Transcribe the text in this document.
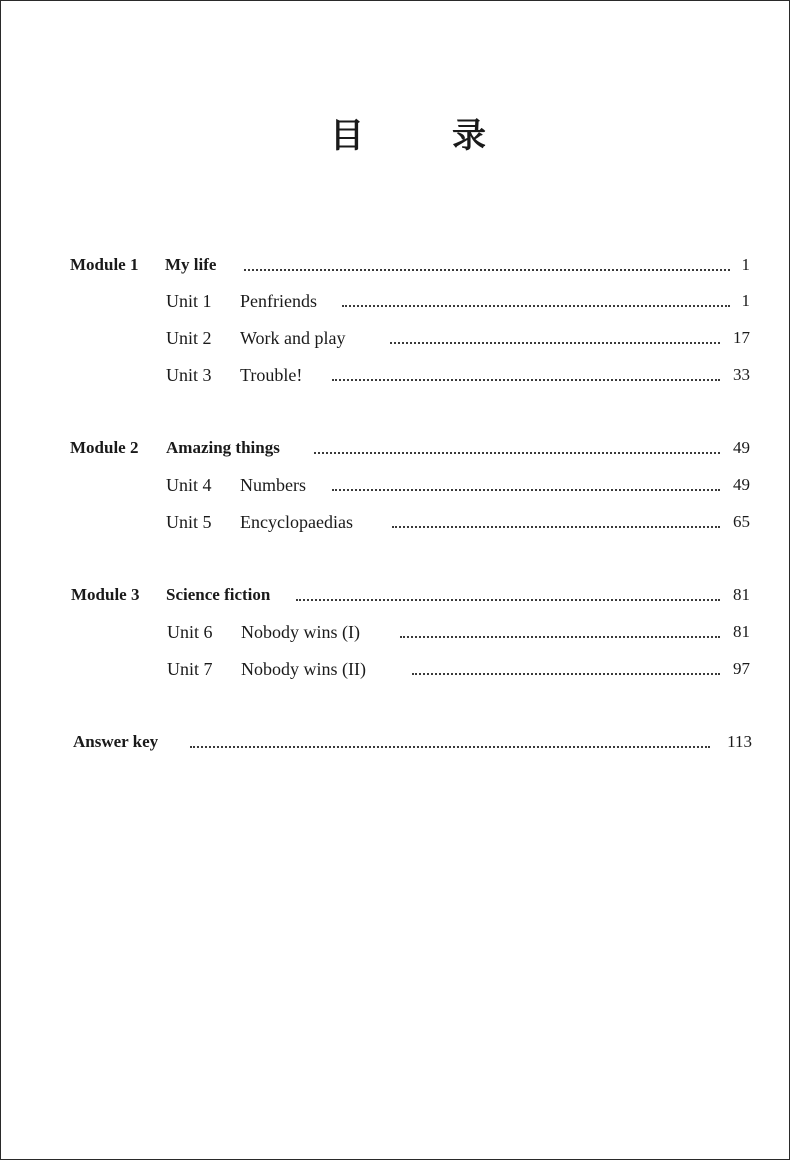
目	录
Module 1 My life	1
Unit 1 Penfriends	1
Unit 2 Work and play	17
Unit 3 Trouble!	33
Module 2 Amazing things	49
Unit 4 Numbers	49
Unit 5 Encyclopaedias	65
Module 3 Science fiction	81
Unit 6 Nobody wins (I)	81
Unit 7 Nobody wins (II)	97
Answer key	113
